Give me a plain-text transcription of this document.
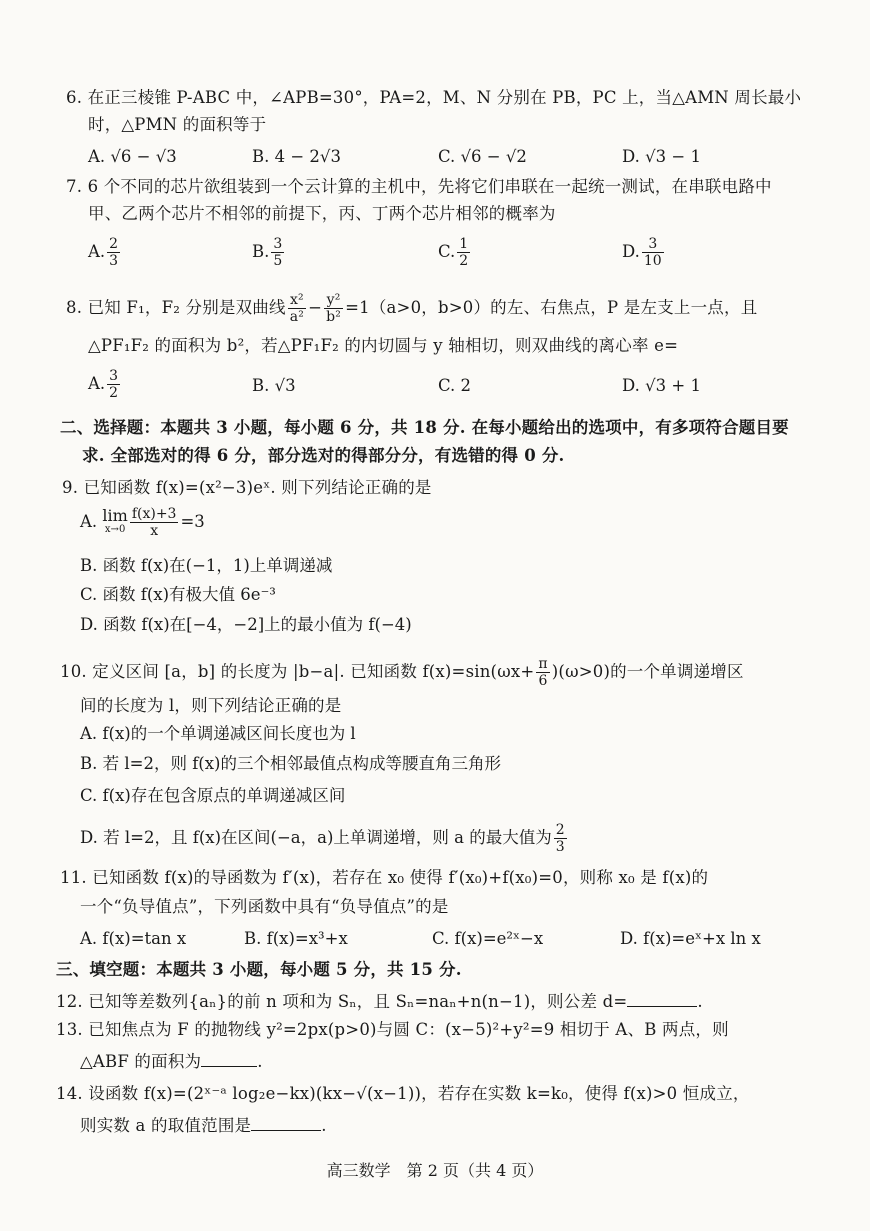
6. 在正三棱锥 P-ABC 中，∠APB=30°，PA=2，M、N 分别在 PB，PC 上，当△AMN 周长最小
时，△PMN 的面积等于
A. √6 − √3	B. 4 − 2√3	C. √6 − √2	D. √3 − 1
7. 6 个不同的芯片欲组装到一个云计算的主机中，先将它们串联在一起统一测试，在串联电路中
甲、乙两个芯片不相邻的前提下，丙、丁两个芯片相邻的概率为
A. $\frac{2}{3}$	B. $\frac{3}{5}$	C. $\frac{1}{2}$	D. $\frac{3}{10}$
8. 已知 F₁，F₂ 分别是双曲线 $\frac{\text{x²}}{\text{a²}} - \frac{\text{y²}}{\text{b²}} =1(a>0$，b>0）的左、右焦点，P 是左支上一点，且
△PF₁F₂ 的面积为 b²，若△PF₁F₂ 的内切圆与 y 轴相切，则双曲线的离心率 e=
A. $\frac{3}{2}$	B. √3	C. 2	D. √3 + 1
二、选择题：本题共 3 小题，每小题 6 分，共 18 分. 在每小题给出的选项中，有多项符合题目要
求. 全部选对的得 6 分，部分选对的得部分分，有选错的得 0 分.
9. 已知函数 f(x)=(x²−3)eˣ. 则下列结论正确的是
A. lim
$x\to 0 \frac{f(x)+3}{x} =3$
B. 函数 f(x)在(−1，1)上单调递减
C. 函数 f(x)有极大值 6e⁻³
D. 函数 f(x)在[−4，−2]上的最小值为 f(−4)
10. 定义区间 [a，b] 的长度为 |b−a|. 已知函数 $f(x)=\sin(\omega x+ \frac{\pi}{6} )(\omega>0)$的一个单调递增区
间的长度为 l，则下列结论正确的是
A. f(x)的一个单调递减区间长度也为 l
B. 若 l=2，则 f(x)的三个相邻最值点构成等腰直角三角形
C. f(x)存在包含原点的单调递减区间
D. 若 l=2，且 f(x)在区间(−a，a)上单调递增，则 a 的最大值为 $\frac{2}{3}$
11. 已知函数 f(x)的导函数为 f′(x)，若存在 x₀ 使得 f′(x₀)+f(x₀)=0，则称 x₀ 是 f(x)的
一个“负导值点”，下列函数中具有“负导值点”的是
A. f(x)=tan x	B. f(x)=x³+x	C. f(x)=e²ˣ−x	D. f(x)=eˣ+x ln x
三、填空题：本题共 3 小题，每小题 5 分，共 15 分.
12. 已知等差数列{aₙ}的前 n 项和为 Sₙ，且 Sₙ=naₙ+n(n−1)，则公差 d=	.
13. 已知焦点为 F 的抛物线 y²=2px(p>0)与圆 C：(x−5)²+y²=9 相切于 A、B 两点，则
△ABF 的面积为	.
14. 设函数 f(x)=(2ˣ⁻ᵃ log₂e−kx)(kx−√(x−1))，若存在实数 k=k₀，使得 f(x)>0 恒成立，
则实数 a 的取值范围是	.
高三数学　第 2 页（共 4 页）
